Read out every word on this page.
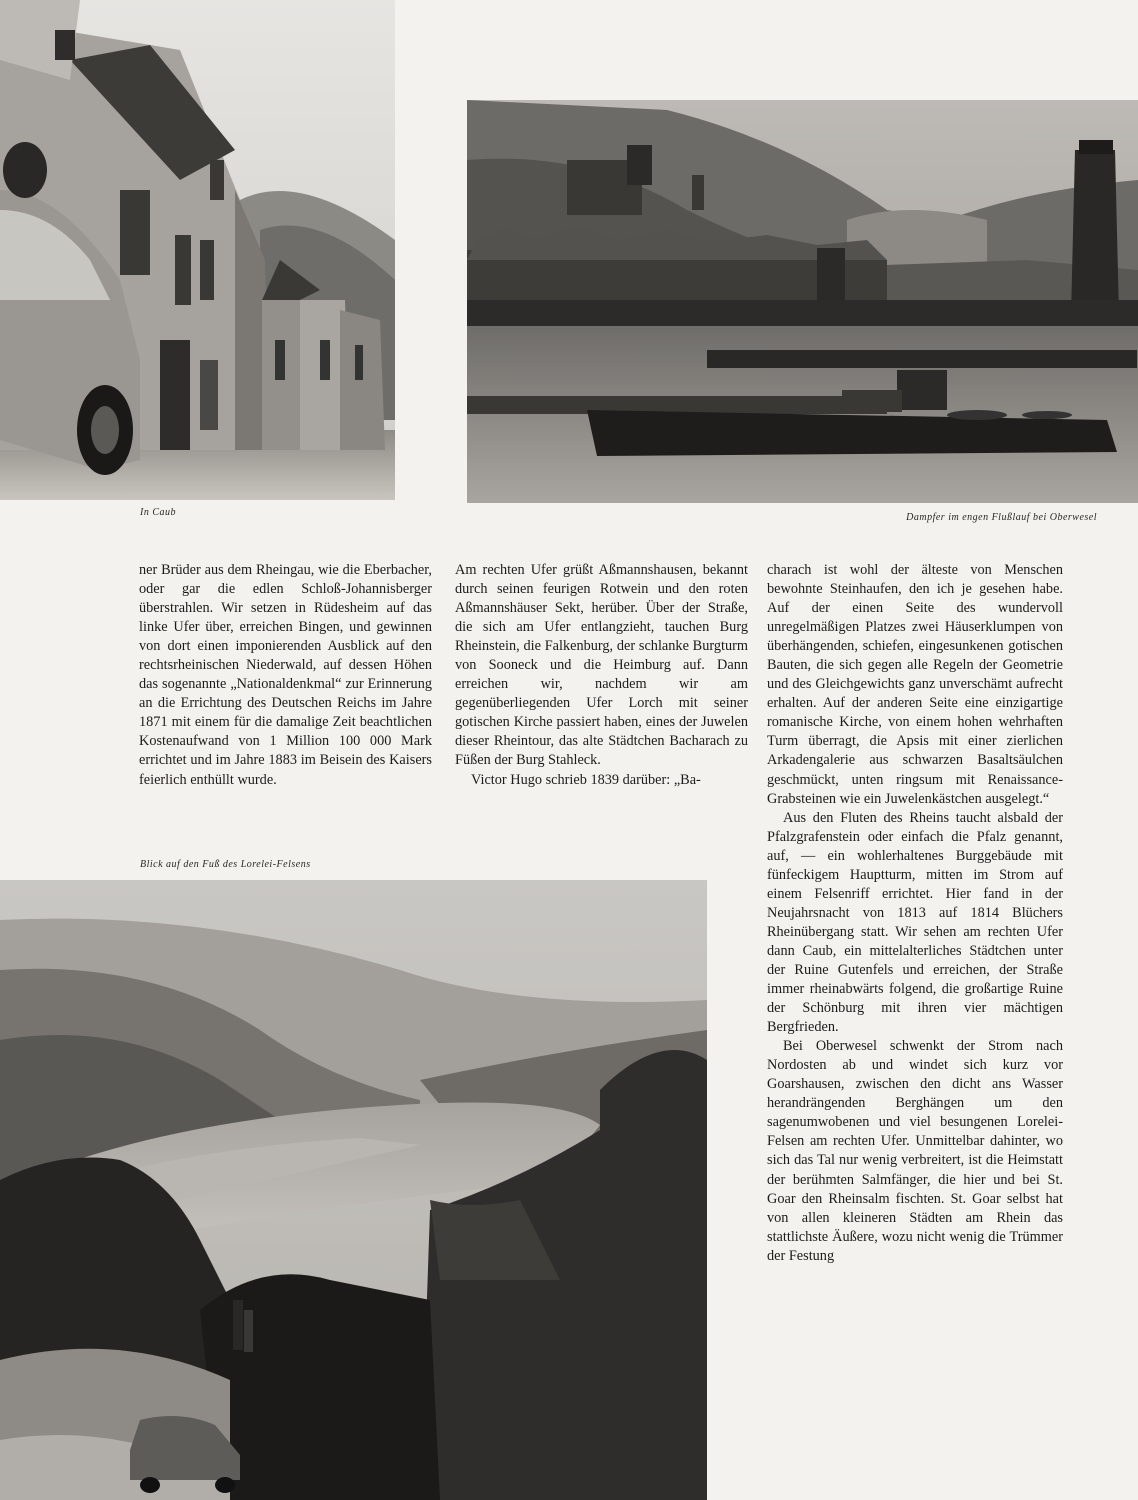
In Caub	Dampfer im engen Flußlauf bei Oberwesel

ner Brüder aus dem Rheingau, wie die Eberbacher, oder gar die edlen Schloß-Johannisberger überstrahlen. Wir setzen in Rüdesheim auf das linke Ufer über, erreichen Bingen, und gewinnen von dort einen imponierenden Ausblick auf den rechtsrheinischen Niederwald, auf dessen Höhen das sogenannte „Nationaldenkmal“ zur Erinnerung an die Errichtung des Deutschen Reichs im Jahre 1871 mit einem für die damalige Zeit beachtlichen Kostenaufwand von 1 Million 100 000 Mark errichtet und im Jahre 1883 im Beisein des Kaisers feierlich enthüllt wurde.

Am rechten Ufer grüßt Aßmannshausen, bekannt durch seinen feurigen Rotwein und den roten Aßmannshäuser Sekt, herüber. Über der Straße, die sich am Ufer entlangzieht, tauchen Burg Rheinstein, die Falkenburg, der schlanke Burgturm von Sooneck und die Heimburg auf. Dann erreichen wir, nachdem wir am gegenüberliegenden Ufer Lorch mit seiner gotischen Kirche passiert haben, eines der Juwelen dieser Rheintour, das alte Städtchen Bacharach zu Füßen der Burg Stahleck.

Victor Hugo schrieb 1839 darüber: „Ba-

charach ist wohl der älteste von Menschen bewohnte Steinhaufen, den ich je gesehen habe. Auf der einen Seite des wundervoll unregelmäßigen Platzes zwei Häuserklumpen von überhängenden, schiefen, eingesunkenen gotischen Bauten, die sich gegen alle Regeln der Geometrie und des Gleichgewichts ganz unverschämt aufrecht erhalten. Auf der anderen Seite eine einzigartige romanische Kirche, von einem hohen wehrhaften Turm überragt, die Apsis mit einer zierlichen Arkadengalerie aus schwarzen Basaltsäulchen geschmückt, unten ringsum mit Renaissance-Grabsteinen wie ein Juwelenkästchen ausgelegt.“

Aus den Fluten des Rheins taucht alsbald der Pfalzgrafenstein oder einfach die Pfalz genannt, auf, — ein wohlerhaltenes Burggebäude mit fünfeckigem Hauptturm, mitten im Strom auf einem Felsenriff errichtet. Hier fand in der Neujahrsnacht von 1813 auf 1814 Blüchers Rheinübergang statt. Wir sehen am rechten Ufer dann Caub, ein mittelalterliches Städtchen unter der Ruine Gutenfels und erreichen, der Straße immer rheinabwärts folgend, die großartige Ruine der Schönburg mit ihren vier mächtigen Bergfrieden.

Bei Oberwesel schwenkt der Strom nach Nordosten ab und windet sich kurz vor Goarshausen, zwischen den dicht ans Wasser herandrängenden Berghängen um den sagenumwobenen und viel besungenen Lorelei-Felsen am rechten Ufer. Unmittelbar dahinter, wo sich das Tal nur wenig verbreitert, ist die Heimstatt der berühmten Salmfänger, die hier und bei St. Goar den Rheinsalm fischten. St. Goar selbst hat von allen kleineren Städten am Rhein das stattlichste Äußere, wozu nicht wenig die Trümmer der Festung

Blick auf den Fuß des Lorelei-Felsens
